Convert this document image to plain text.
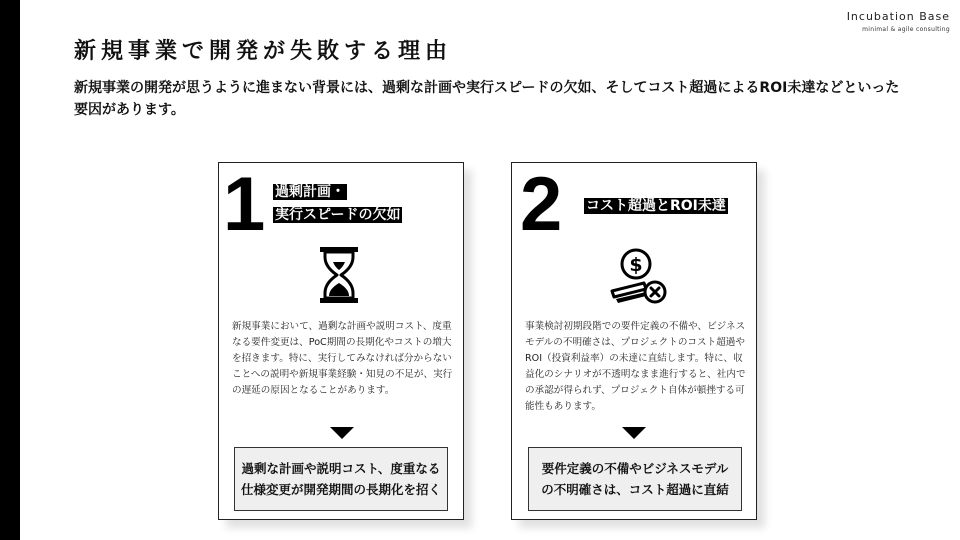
Incubation Base
minimal & agile consulting
新規事業で開発が失敗する理由
新規事業の開発が思うように進まない背景には、過剰な計画や実行スピードの欠如、そしてコスト超過によるROI未達などといった要因があります。
1 過剰計画・
実行スピードの欠如
新規事業において、過剰な計画や説明コスト、度重なる要件変更は、PoC期間の長期化やコストの増大を招きます。特に、実行してみなければ分からないことへの説明や新規事業経験・知見の不足が、実行の遅延の原因となることがあります。
過剰な計画や説明コスト、度重なる
仕様変更が開発期間の長期化を招く
2 コスト超過とROI未達
$
事業検討初期段階での要件定義の不備や、ビジネスモデルの不明確さは、プロジェクトのコスト超過やROI（投資利益率）の未達に直結します。特に、収益化のシナリオが不透明なまま進行すると、社内での承認が得られず、プロジェクト自体が頓挫する可能性もあります。
要件定義の不備やビジネスモデル
の不明確さは、コスト超過に直結
